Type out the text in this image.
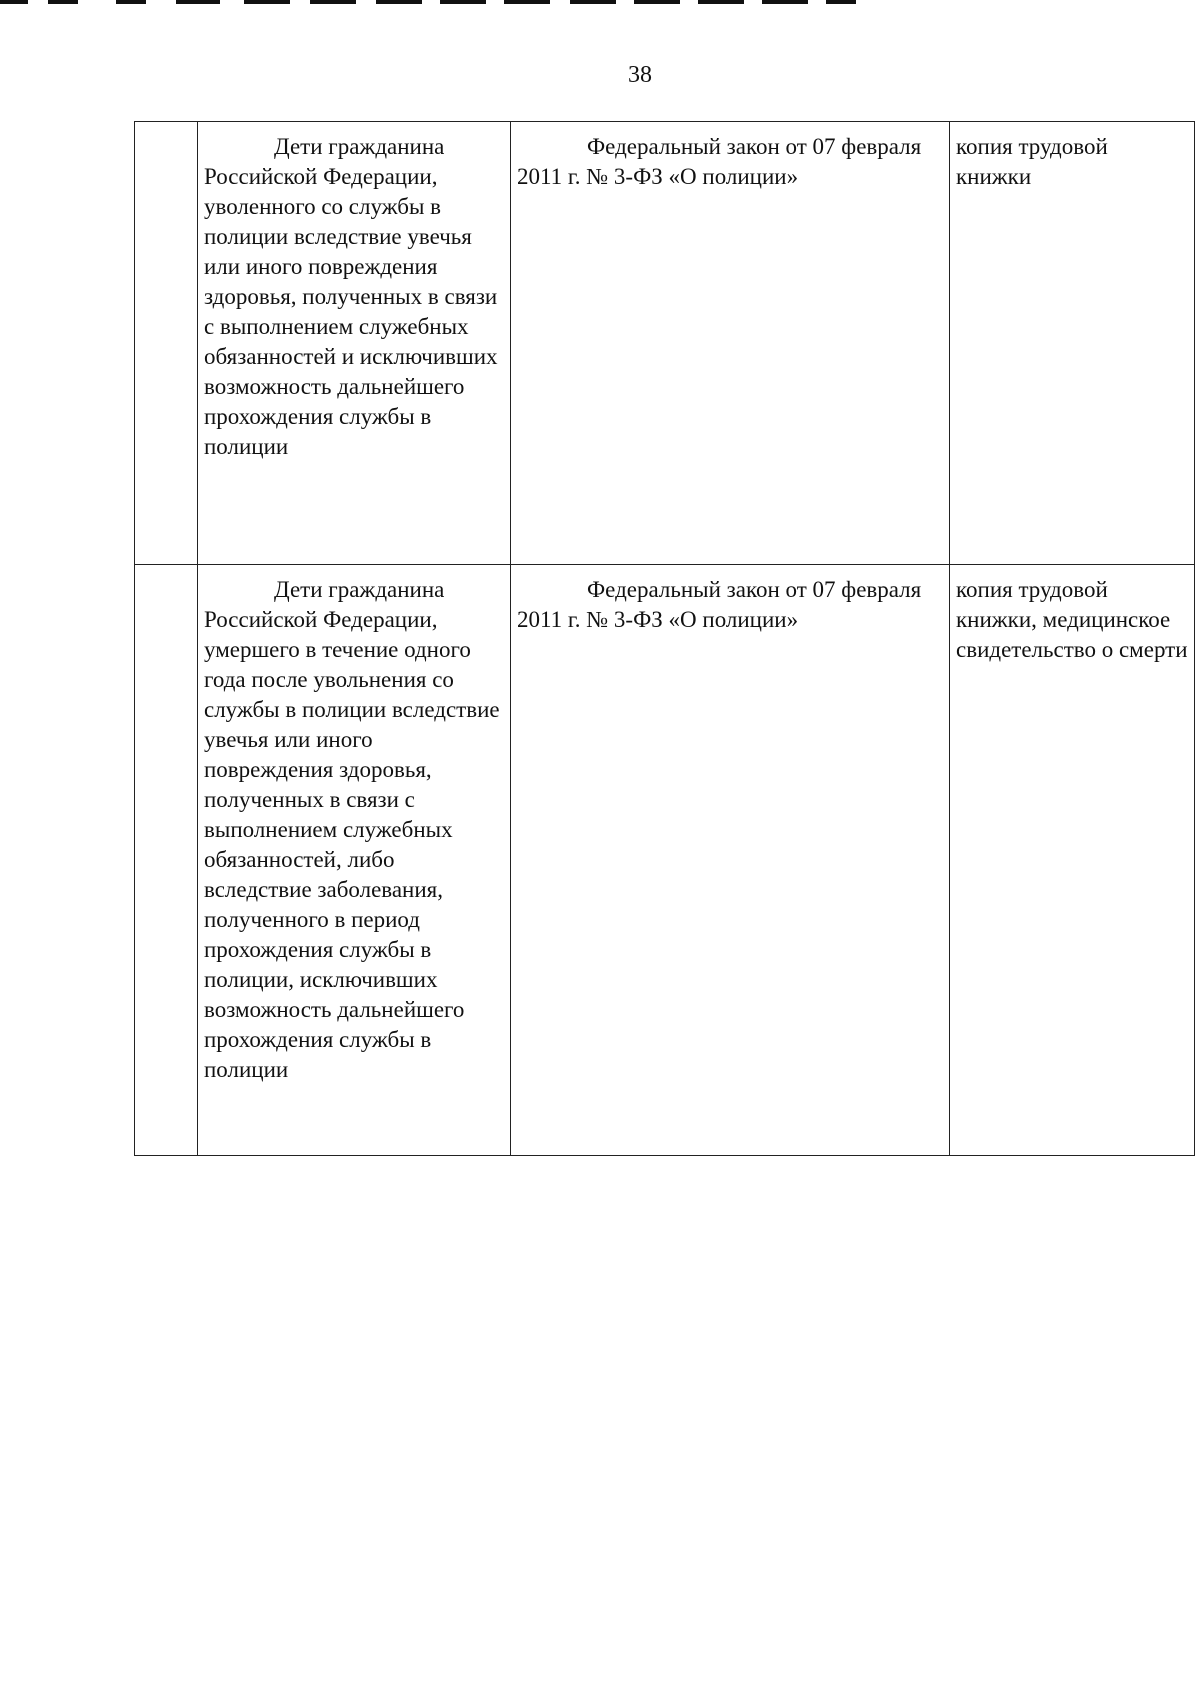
38

	Дети гражданина Российской Федерации, уволенного со службы в полиции вследствие увечья или иного повреждения здоровья, полученных в связи с выполнением служебных обязанностей и исключивших возможность дальнейшего прохождения службы в полиции	Федеральный закон от 07 февраля 2011 г. № 3-ФЗ «О полиции»	копия трудовой книжки

	Дети гражданина Российской Федерации, умершего в течение одного года после увольнения со службы в полиции вследствие увечья или иного повреждения здоровья, полученных в связи с выполнением служебных обязанностей, либо вследствие заболевания, полученного в период прохождения службы в полиции, исключивших возможность дальнейшего прохождения службы в полиции	Федеральный закон от 07 февраля 2011 г. № 3-ФЗ «О полиции»	копия трудовой книжки, медицинское свидетельство о смерти
